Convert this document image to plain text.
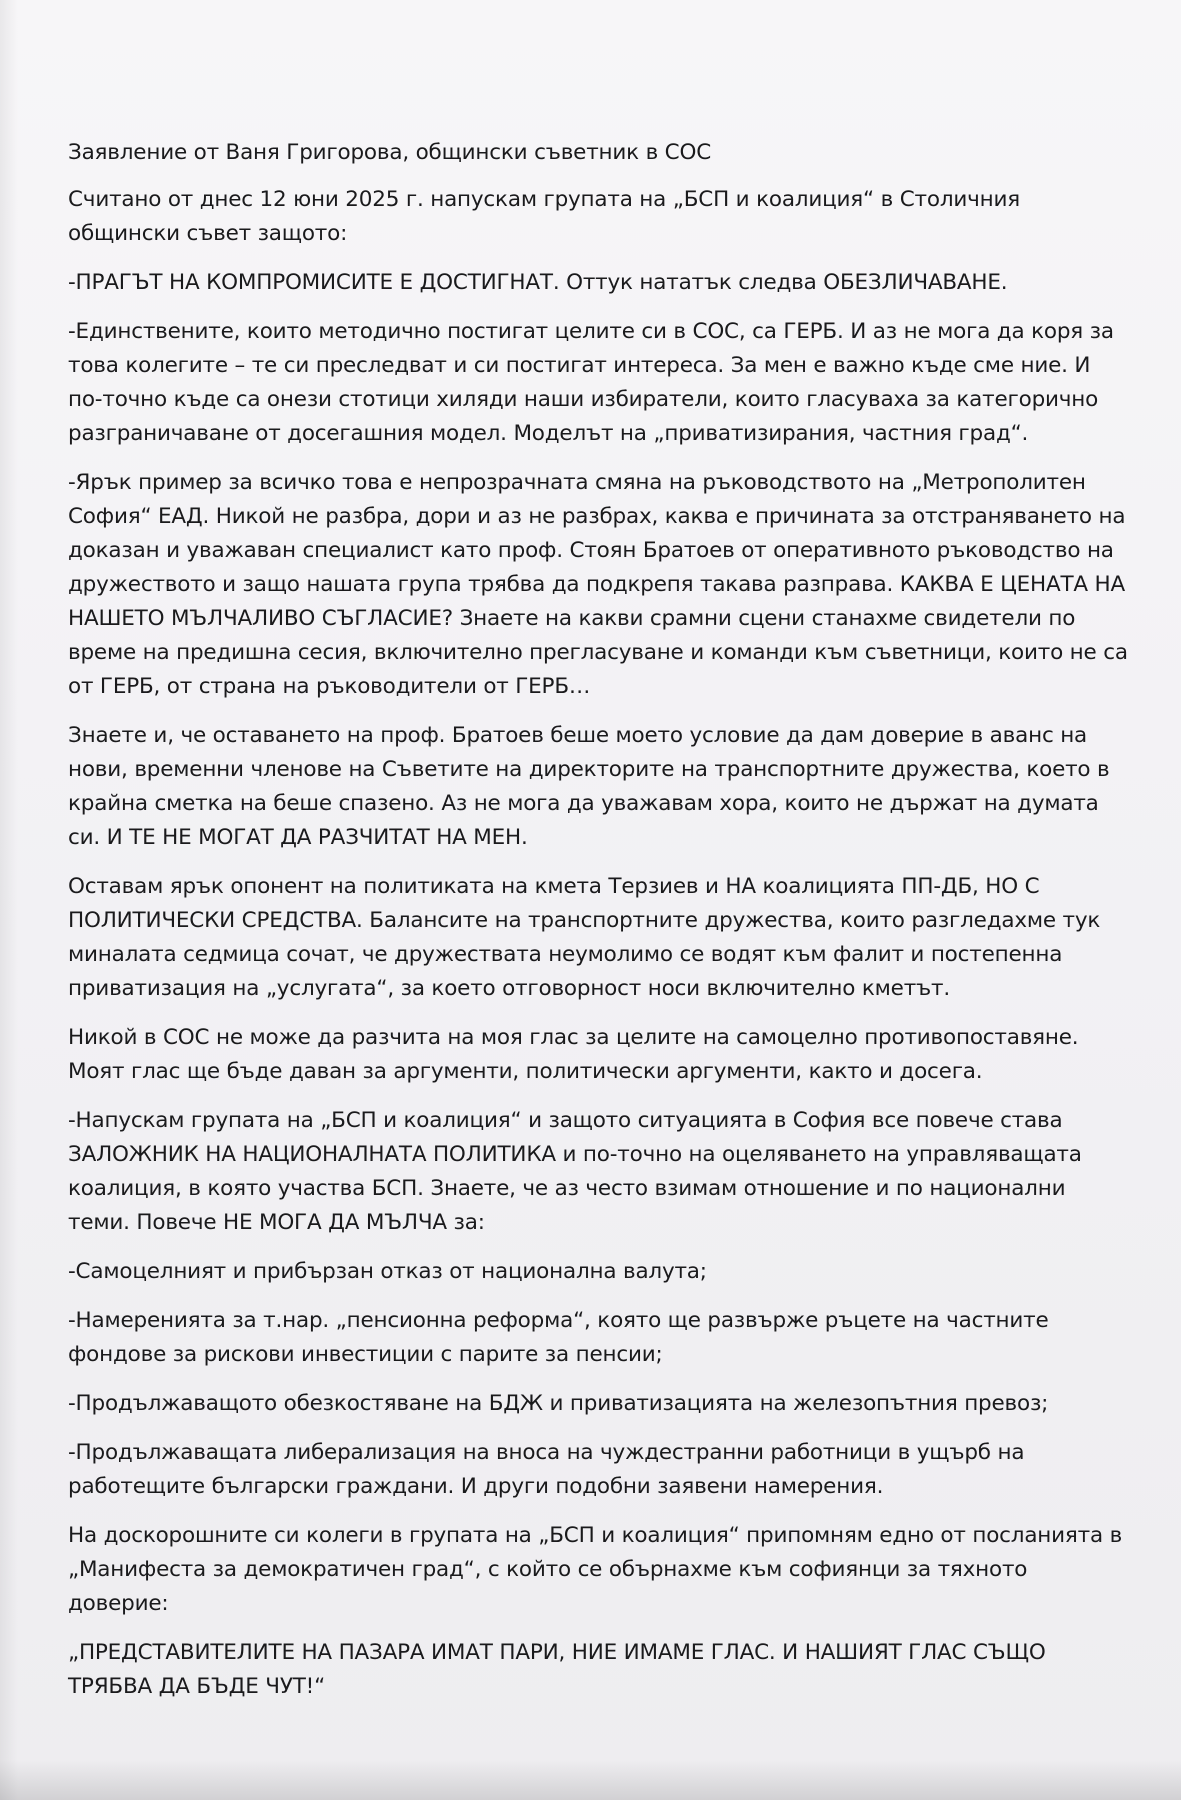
Заявление от Ваня Григорова, общински съветник в СОС

Считано от днес 12 юни 2025 г. напускам групата на „БСП и коалиция“ в Столичния общински съвет защото:

-ПРАГЪТ НА КОМПРОМИСИТЕ Е ДОСТИГНАТ. Оттук нататък следва ОБЕЗЛИЧАВАНЕ.

-Единствените, които методично постигат целите си в СОС, са ГЕРБ. И аз не мога да коря за това колегите – те си преследват и си постигат интереса. За мен е важно къде сме ние. И по-точно къде са онези стотици хиляди наши избиратели, които гласуваха за категорично разграничаване от досегашния модел. Моделът на „приватизирания, частния град“.

-Ярък пример за всичко това е непрозрачната смяна на ръководството на „Метрополитен София“ ЕАД. Никой не разбра, дори и аз не разбрах, каква е причината за отстраняването на доказан и уважаван специалист като проф. Стоян Братоев от оперативното ръководство на дружеството и защо нашата група трябва да подкрепя такава разправа. КАКВА Е ЦЕНАТА НА НАШЕТО МЪЛЧАЛИВО СЪГЛАСИЕ? Знаете на какви срамни сцени станахме свидетели по време на предишна сесия, включително прегласуване и команди към съветници, които не са от ГЕРБ, от страна на ръководители от ГЕРБ…

Знаете и, че оставането на проф. Братоев беше моето условие да дам доверие в аванс на нови, временни членове на Съветите на директорите на транспортните дружества, което в крайна сметка на беше спазено. Аз не мога да уважавам хора, които не държат на думата си. И ТЕ НЕ МОГАТ ДА РАЗЧИТАТ НА МЕН.

Оставам ярък опонент на политиката на кмета Терзиев и НА коалицията ПП-ДБ, НО С ПОЛИТИЧЕСКИ СРЕДСТВА. Балансите на транспортните дружества, които разгледахме тук миналата седмица сочат, че дружествата неумолимо се водят към фалит и постепенна приватизация на „услугата“, за което отговорност носи включително кметът.

Никой в СОС не може да разчита на моя глас за целите на самоцелно противопоставяне. Моят глас ще бъде даван за аргументи, политически аргументи, както и досега.

-Напускам групата на „БСП и коалиция“ и защото ситуацията в София все повече става ЗАЛОЖНИК НА НАЦИОНАЛНАТА ПОЛИТИКА и по-точно на оцеляването на управляващата коалиция, в която участва БСП. Знаете, че аз често взимам отношение и по национални теми. Повече НЕ МОГА ДА МЪЛЧА за:

-Самоцелният и прибързан отказ от национална валута;

-Намеренията за т.нар. „пенсионна реформа“, която ще развърже ръцете на частните фондове за рискови инвестиции с парите за пенсии;

-Продължаващото обезкостяване на БДЖ и приватизацията на железопътния превоз;

-Продължаващата либерализация на вноса на чуждестранни работници в ущърб на работещите български граждани. И други подобни заявени намерения.

На доскорошните си колеги в групата на „БСП и коалиция“ припомням едно от посланията в „Манифеста за демократичен град“, с който се обърнахме към софиянци за тяхното доверие:

„ПРЕДСТАВИТЕЛИТЕ НА ПАЗАРА ИМАТ ПАРИ, НИЕ ИМАМЕ ГЛАС. И НАШИЯТ ГЛАС СЪЩО ТРЯБВА ДА БЪДЕ ЧУТ!“
